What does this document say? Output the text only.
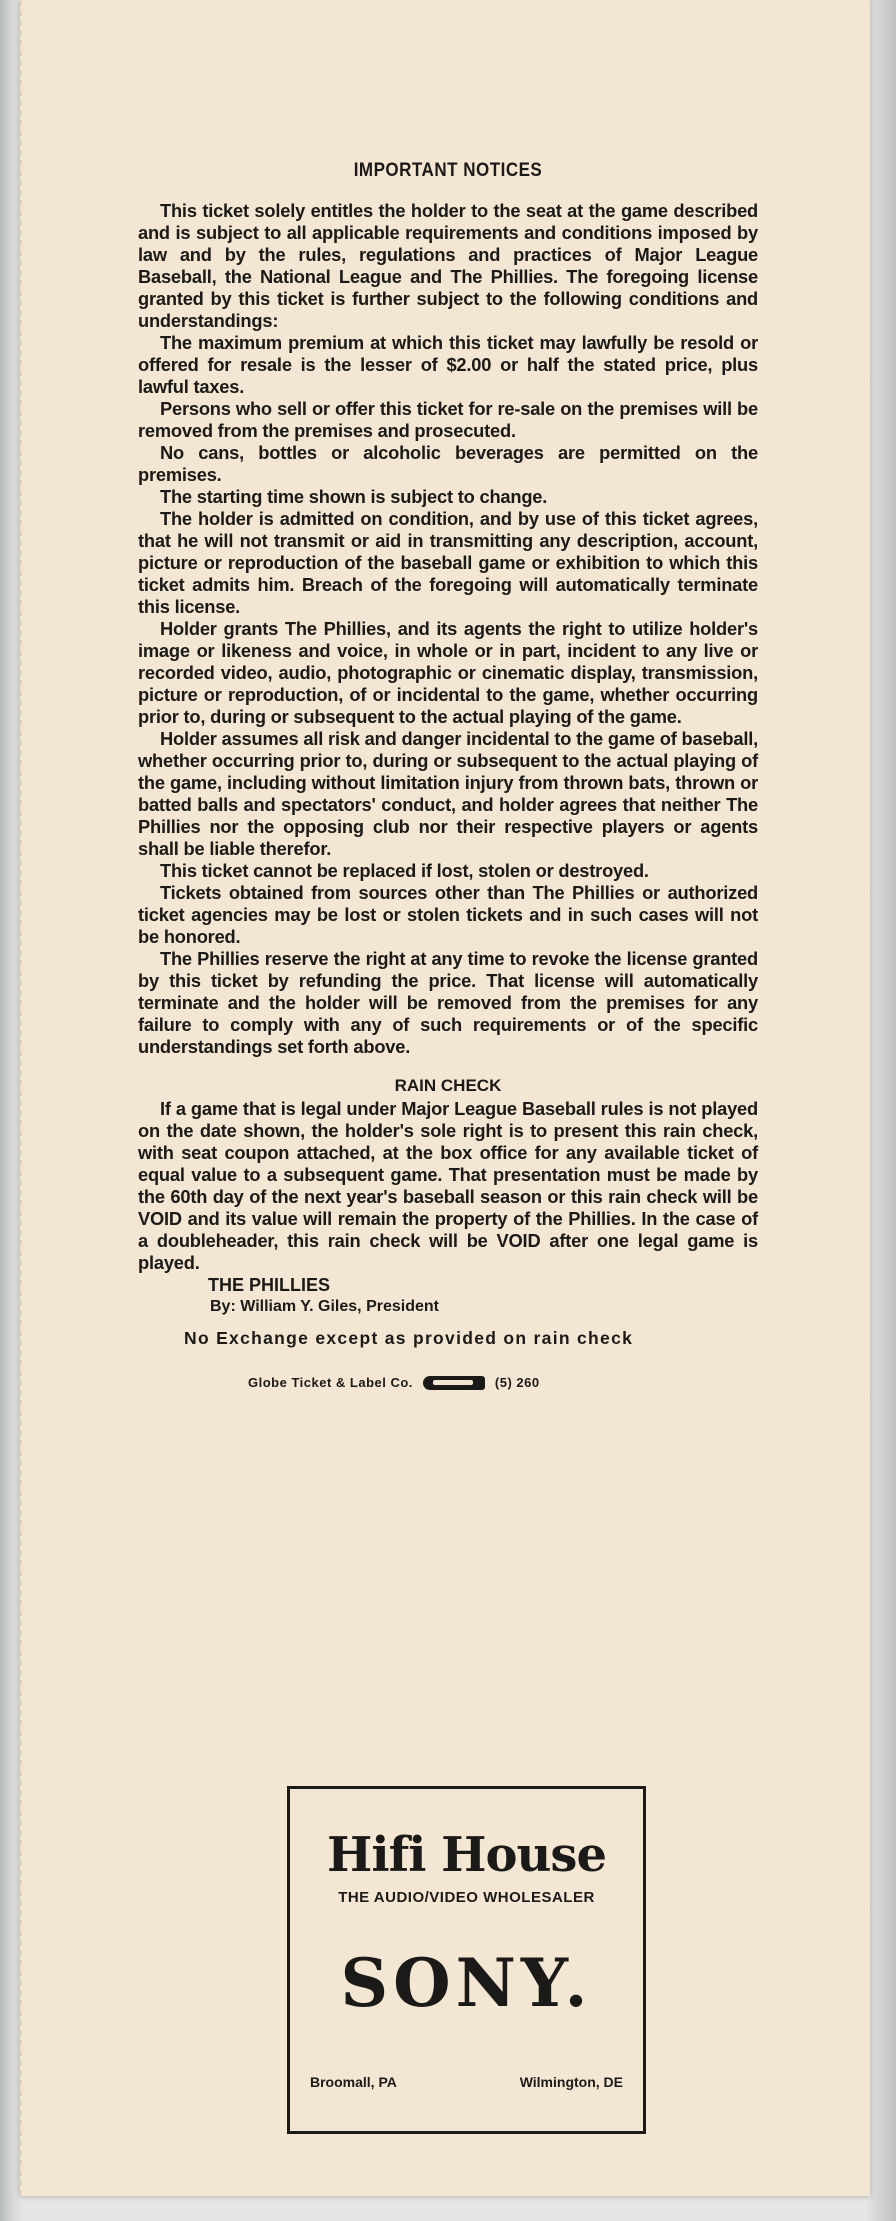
IMPORTANT NOTICES

This ticket solely entitles the holder to the seat at the game described and is subject to all applicable requirements and conditions imposed by law and by the rules, regulations and practices of Major League Baseball, the National League and The Phillies. The foregoing license granted by this ticket is further subject to the following conditions and understandings:

The maximum premium at which this ticket may lawfully be resold or offered for resale is the lesser of $2.00 or half the stated price, plus lawful taxes.

Persons who sell or offer this ticket for re-sale on the premises will be removed from the premises and prosecuted.

No cans, bottles or alcoholic beverages are permitted on the premises.

The starting time shown is subject to change.

The holder is admitted on condition, and by use of this ticket agrees, that he will not transmit or aid in transmitting any description, account, picture or reproduction of the baseball game or exhibition to which this ticket admits him. Breach of the foregoing will automatically terminate this license.

Holder grants The Phillies, and its agents the right to utilize holder's image or likeness and voice, in whole or in part, incident to any live or recorded video, audio, photographic or cinematic display, transmission, picture or reproduction, of or incidental to the game, whether occurring prior to, during or subsequent to the actual playing of the game.

Holder assumes all risk and danger incidental to the game of baseball, whether occurring prior to, during or subsequent to the actual playing of the game, including without limitation injury from thrown bats, thrown or batted balls and spectators' conduct, and holder agrees that neither The Phillies nor the opposing club nor their respective players or agents shall be liable therefor.

This ticket cannot be replaced if lost, stolen or destroyed.

Tickets obtained from sources other than The Phillies or authorized ticket agencies may be lost or stolen tickets and in such cases will not be honored.

The Phillies reserve the right at any time to revoke the license granted by this ticket by refunding the price. That license will automatically terminate and the holder will be removed from the premises for any failure to comply with any of such requirements or of the specific understandings set forth above.

RAIN CHECK

If a game that is legal under Major League Baseball rules is not played on the date shown, the holder's sole right is to present this rain check, with seat coupon attached, at the box office for any available ticket of equal value to a subsequent game. That presentation must be made by the 60th day of the next year's baseball season or this rain check will be VOID and its value will remain the property of the Phillies. In the case of a doubleheader, this rain check will be VOID after one legal game is played.

THE PHILLIES

By: William Y. Giles, President

No Exchange except as provided on rain check
Globe Ticket & Label Co.	(5) 260
Hifi House
THE AUDIO/VIDEO WHOLESALER
SONY.
Broomall, PA	Wilmington, DE
